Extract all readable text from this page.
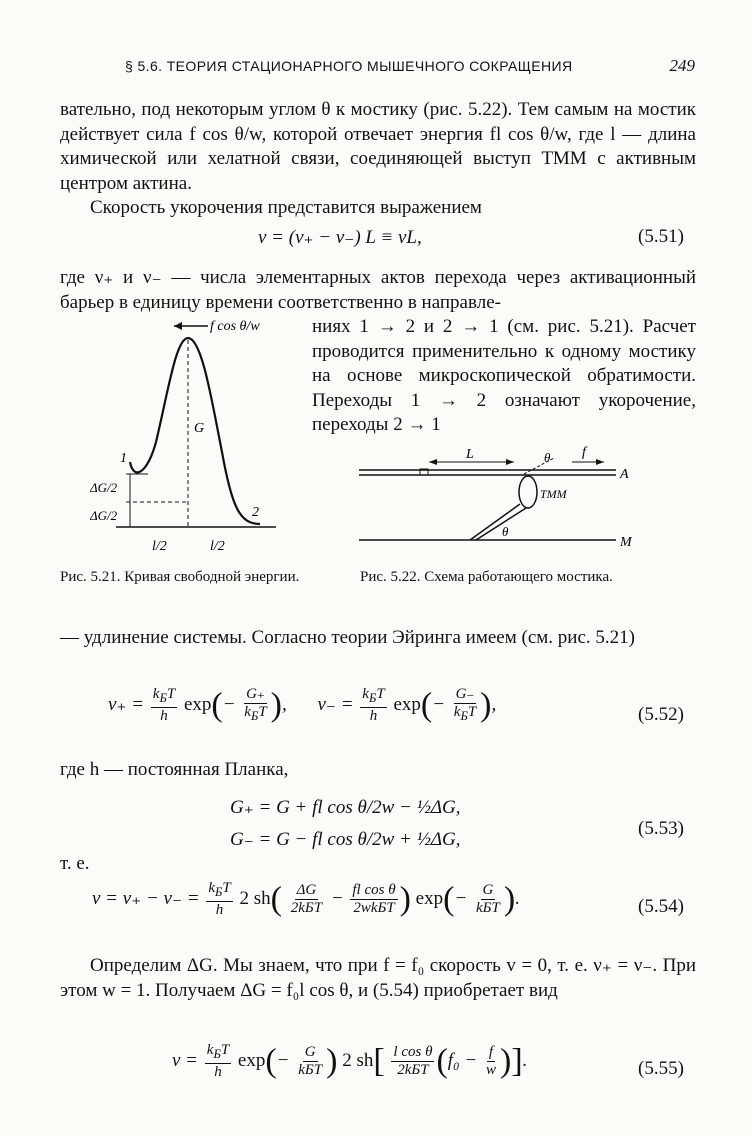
§ 5.6. ТЕОРИЯ СТАЦИОНАРНОГО МЫШЕЧНОГО СОКРАЩЕНИЯ	249
вательно, под некоторым углом θ к мостику (рис. 5.22). Тем самым на мостик действует сила f cos θ/w, которой отвечает энергия fl cos θ/w, где l — длина химической или хелатной связи, соединяющей выступ ТММ с активным центром актина.
Скорость укорочения представится выражением
v = (ν₊ − ν₋) L ≡ νL,	(5.51)
где ν₊ и ν₋ — числа элементарных актов перехода через активационный барьер в единицу времени соответственно в направле-
ниях 1 → 2 и 2 → 1 (см. рис. 5.21). Расчет проводится применительно к одному мостику на основе микроскопической обратимости. Переходы 1 → 2 означают укорочение, переходы 2 → 1
f cos θ/w
G
1
2
ΔG/2
ΔG/2
l/2	l/2
Рис. 5.21. Кривая свободной энергии.
L	θ f
A
ТММ
θ
M
Рис. 5.22. Схема работающего мостика.
— удлинение системы. Согласно теории Эйринга имеем (см. рис. 5.21)
$\nu_+ = \frac{k_БT}{h} \exp(- \frac{G_+}{k_БT}$ ), $\nu_- = \frac{k_БT}{h} \exp(- \frac{G_-}{k_БT}$ ),	(5.52)
где h — постоянная Планка,
G₊ = G + fl cos θ/2w − ½ΔG,
G₋ = G − fl cos θ/2w + ½ΔG,
(5.53)
т. е.
$v = \nu_+ - \nu_- = \frac{k_БT}{h} 2$ $sh( \frac{\Delta G}{\text{2kБT}} - \frac{\text{fl cos θ}}{\text{2wkБT}}$ ) $\exp(- \frac{G}{\text{kБT}}$ ).	(5.54)
Определим ΔG. Мы знаем, что при f = f₀ скорость v = 0, т. е. ν₊ = ν₋. При этом w = 1. Получаем ΔG = f₀l cos θ, и (5.54) приобретает вид
$\nu = \frac{k_БT}{h} \exp(- \frac{G}{\text{kБT}}$ ) 2 $sh[ \frac{\text{l cos θ}}{\text{2kБT}} (f_0 - \frac{f}{w}$ )].	(5.55)
